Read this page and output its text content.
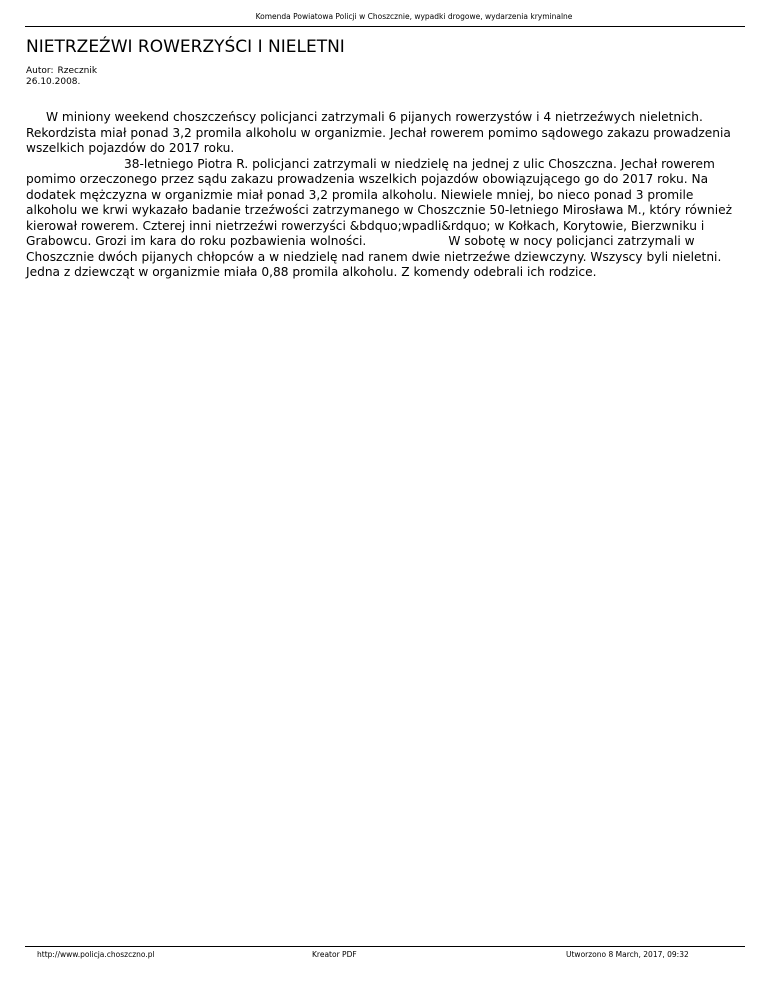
Komenda Powiatowa Policji w Choszcznie, wypadki drogowe, wydarzenia kryminalne
NIETRZEŹWI ROWERZYŚCI I NIELETNI
Autor: Rzecznik
26.10.2008.

W miniony weekend choszczeńscy policjanci zatrzymali 6 pijanych rowerzystów i 4 nietrzeźwych nieletnich. Rekordzista miał ponad 3,2 promila alkoholu w organizmie. Jechał rowerem pomimo sądowego zakazu prowadzenia wszelkich pojazdów do 2017 roku.
38-letniego Piotra R. policjanci zatrzymali w niedzielę na jednej z ulic Choszczna. Jechał rowerem pomimo orzeczonego przez sądu zakazu prowadzenia wszelkich pojazdów obowiązującego go do 2017 roku. Na dodatek mężczyzna w organizmie miał ponad 3,2 promila alkoholu. Niewiele mniej, bo nieco ponad 3 promile alkoholu we krwi wykazało badanie trzeźwości zatrzymanego w Choszcznie 50-letniego Mirosława M., który również kierował rowerem. Czterej inni nietrzeźwi rowerzyści &bdquo;wpadli&rdquo; w Kołkach, Korytowie, Bierzwniku i Grabowcu. Grozi im kara do roku pozbawienia wolności.	W sobotę w nocy policjanci zatrzymali w Choszcznie dwóch pijanych chłopców a w niedzielę nad ranem dwie nietrzeźwe dziewczyny. Wszyscy byli nieletni. Jedna z dziewcząt w organizmie miała 0,88 promila alkoholu. Z komendy odebrali ich rodzice.

http://www.policja.choszczno.pl	Kreator PDF	Utworzono 8 March, 2017, 09:32
